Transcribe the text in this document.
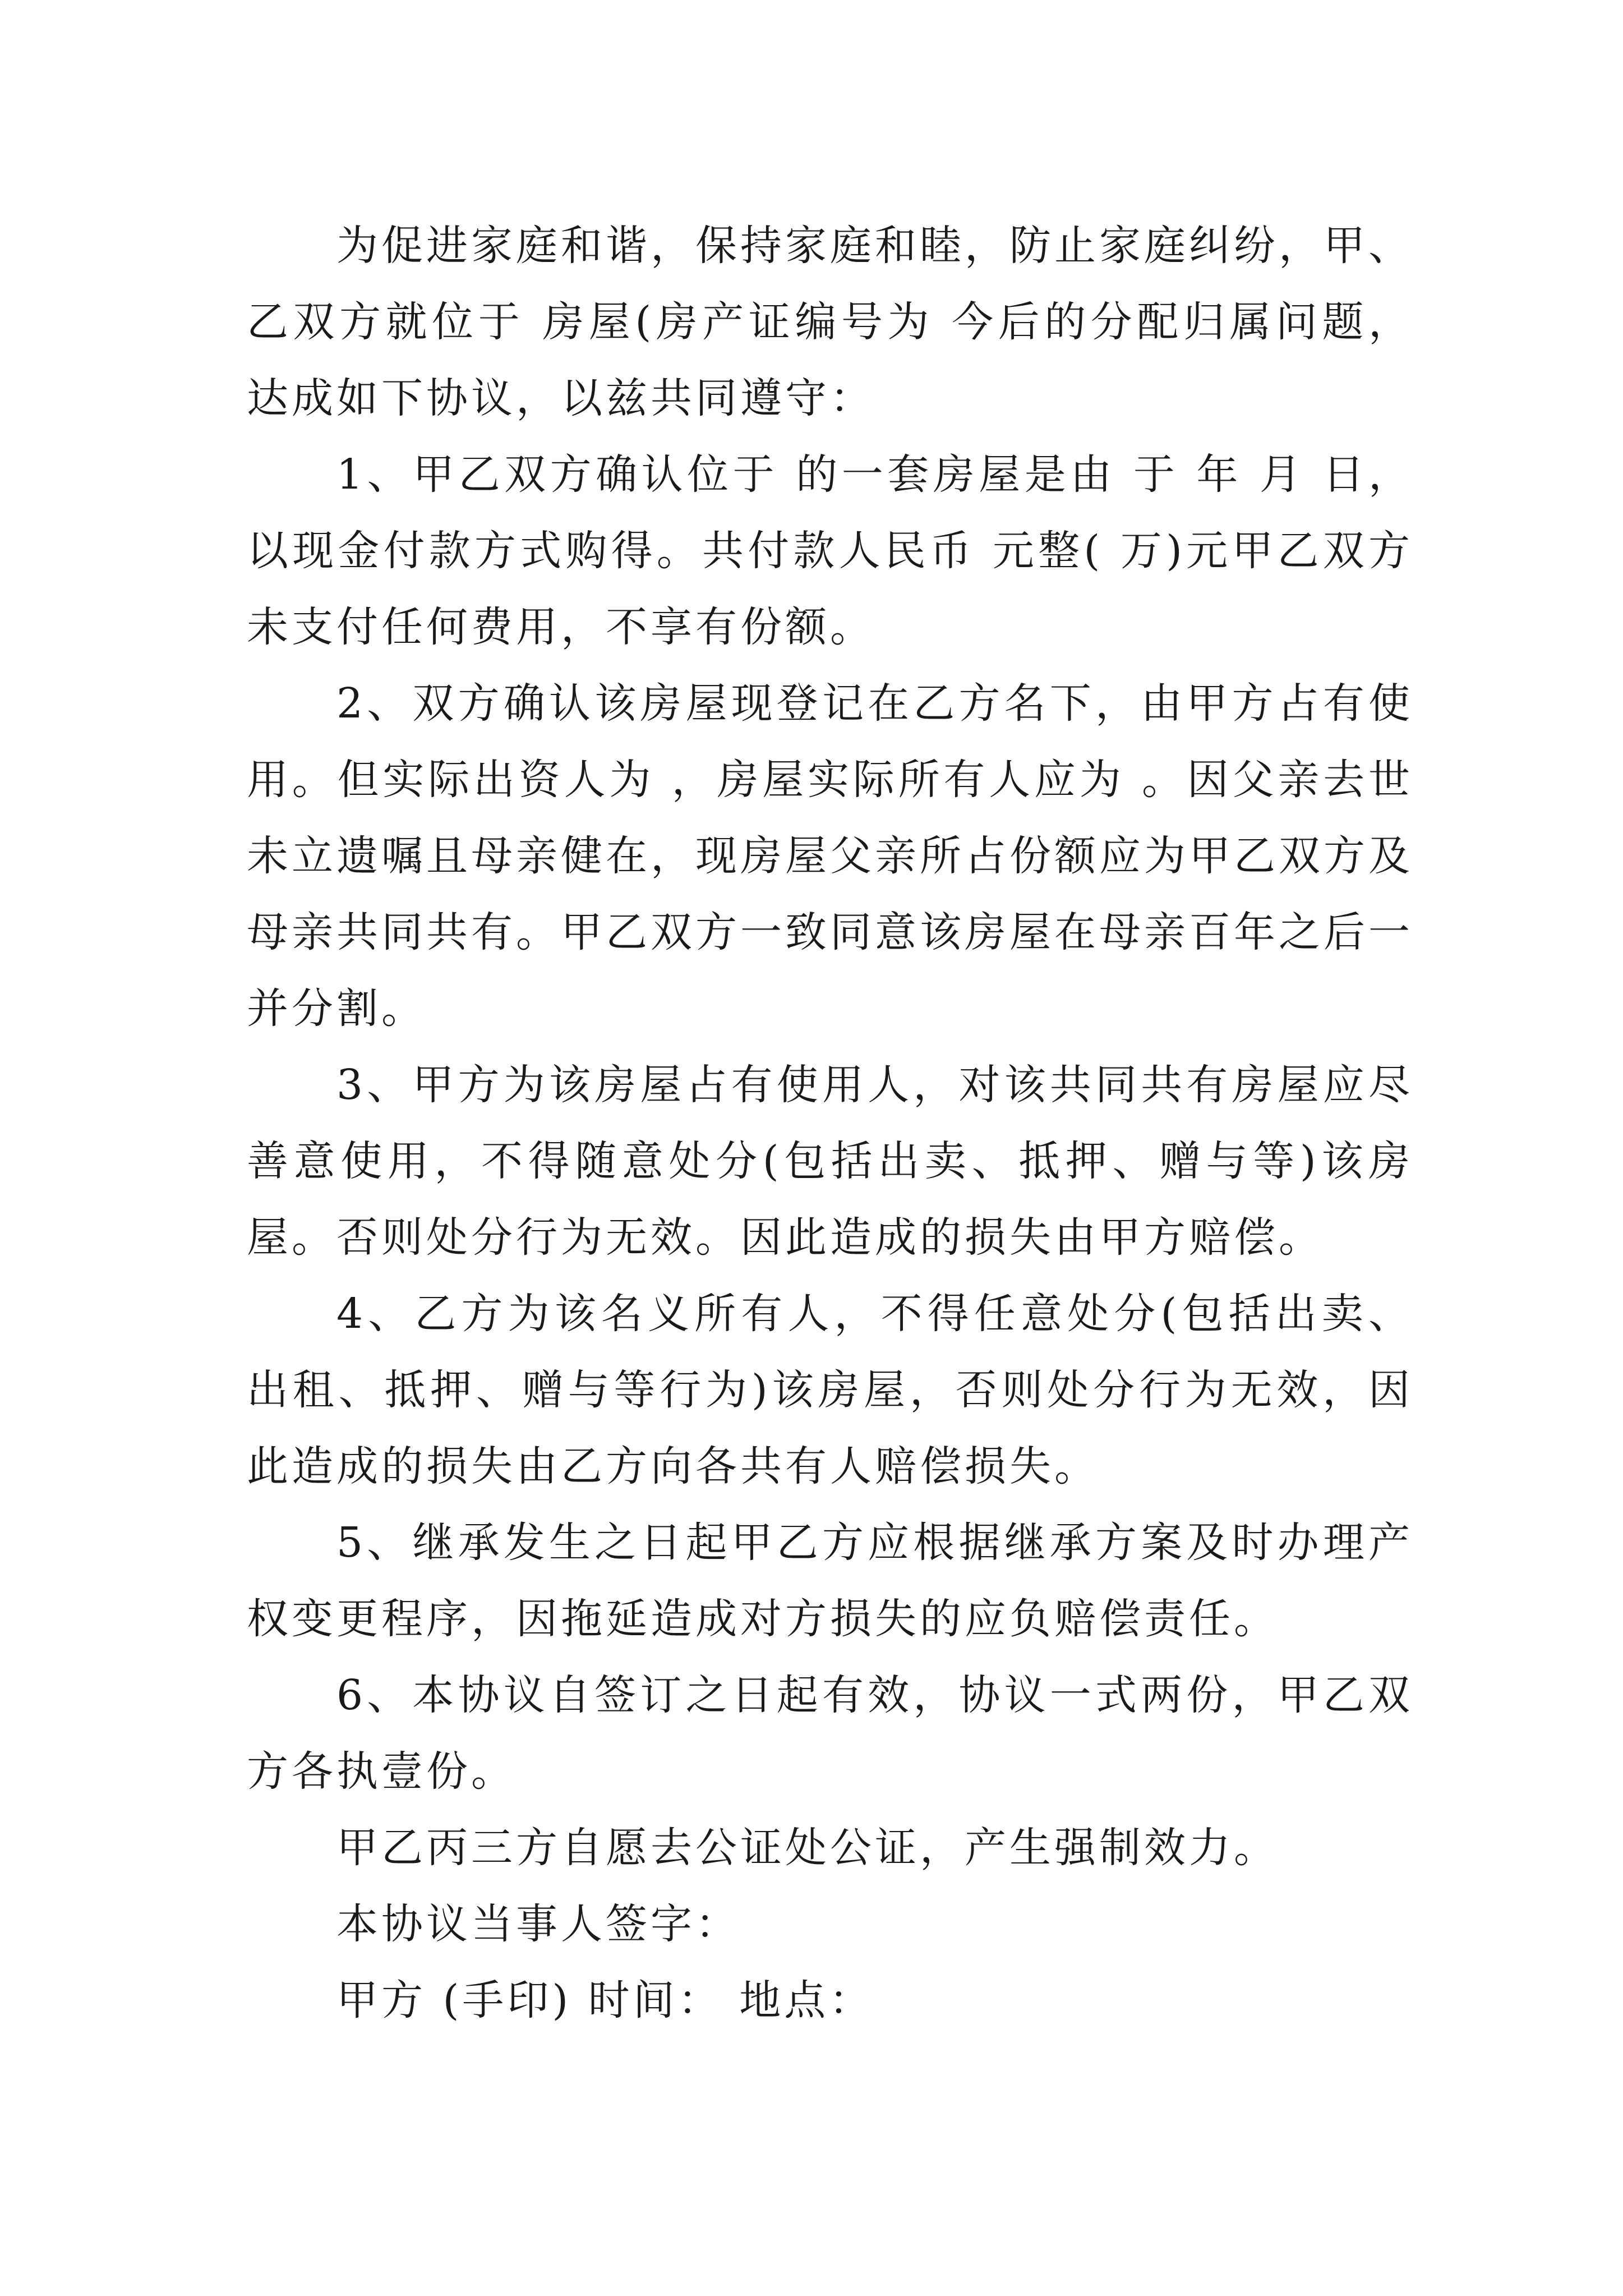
为促进家庭和谐，保持家庭和睦，防止家庭纠纷，甲、乙双方就位于 房屋(房产证编号为 今后的分配归属问题，达成如下协议，以兹共同遵守：

1、甲乙双方确认位于 的一套房屋是由 于 年 月 日，以现金付款方式购得。共付款人民币 元整( 万)元甲乙双方未支付任何费用，不享有份额。

2、双方确认该房屋现登记在乙方名下，由甲方占有使用。但实际出资人为 ，房屋实际所有人应为 。因父亲去世未立遗嘱且母亲健在，现房屋父亲所占份额应为甲乙双方及母亲共同共有。甲乙双方一致同意该房屋在母亲百年之后一并分割。

3、甲方为该房屋占有使用人，对该共同共有房屋应尽善意使用，不得随意处分(包括出卖、抵押、赠与等)该房屋。否则处分行为无效。因此造成的损失由甲方赔偿。

4、乙方为该名义所有人，不得任意处分(包括出卖、出租、抵押、赠与等行为)该房屋，否则处分行为无效，因此造成的损失由乙方向各共有人赔偿损失。

5、继承发生之日起甲乙方应根据继承方案及时办理产权变更程序，因拖延造成对方损失的应负赔偿责任。

6、本协议自签订之日起有效，协议一式两份，甲乙双方各执壹份。

甲乙丙三方自愿去公证处公证，产生强制效力。

本协议当事人签字：

甲方 (手印) 时间： 地点：
